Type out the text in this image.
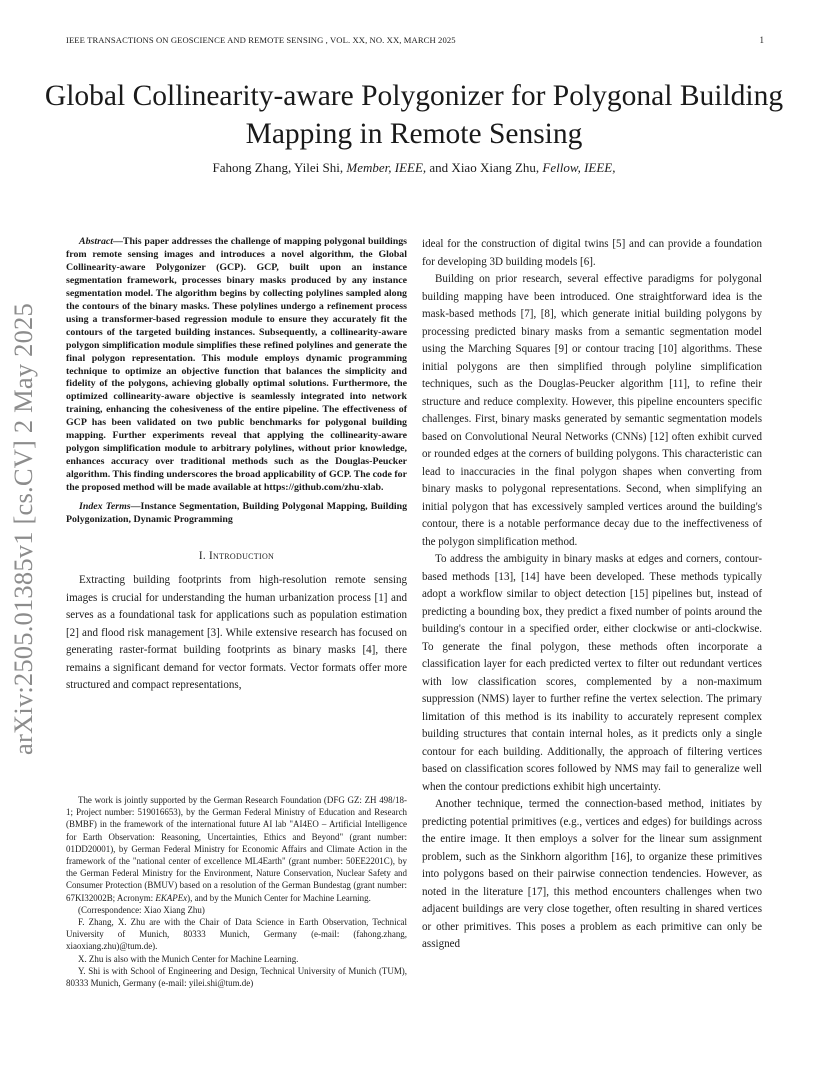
IEEE TRANSACTIONS ON GEOSCIENCE AND REMOTE SENSING , VOL. XX, NO. XX, MARCH 2025	1
arXiv:2505.01385v1 [cs.CV] 2 May 2025
Global Collinearity-aware Polygonizer for Polygonal Building Mapping in Remote Sensing
Fahong Zhang, Yilei Shi, Member, IEEE, and Xiao Xiang Zhu, Fellow, IEEE,

Abstract—This paper addresses the challenge of mapping polygonal buildings from remote sensing images and introduces a novel algorithm, the Global Collinearity-aware Polygonizer (GCP). GCP, built upon an instance segmentation framework, processes binary masks produced by any instance segmentation model. The algorithm begins by collecting polylines sampled along the contours of the binary masks. These polylines undergo a refinement process using a transformer-based regression module to ensure they accurately fit the contours of the targeted building instances. Subsequently, a collinearity-aware polygon simplification module simplifies these refined polylines and generate the final polygon representation. This module employs dynamic programming technique to optimize an objective function that balances the simplicity and fidelity of the polygons, achieving globally optimal solutions. Furthermore, the optimized collinearity-aware objective is seamlessly integrated into network training, enhancing the cohesiveness of the entire pipeline. The effectiveness of GCP has been validated on two public benchmarks for polygonal building mapping. Further experiments reveal that applying the collinearity-aware polygon simplification module to arbitrary polylines, without prior knowledge, enhances accuracy over traditional methods such as the Douglas-Peucker algorithm. This finding underscores the broad applicability of GCP. The code for the proposed method will be made available at https://github.com/zhu-xlab.

Index Terms—Instance Segmentation, Building Polygonal Mapping, Building Polygonization, Dynamic Programming

I. Introduction

Extracting building footprints from high-resolution remote sensing images is crucial for understanding the human urbanization process [1] and serves as a foundational task for applications such as population estimation [2] and flood risk management [3]. While extensive research has focused on generating raster-format building footprints as binary masks [4], there remains a significant demand for vector formats. Vector formats offer more structured and compact representations,

The work is jointly supported by the German Research Foundation (DFG GZ: ZH 498/18-1; Project number: 519016653), by the German Federal Ministry of Education and Research (BMBF) in the framework of the international future AI lab "AI4EO – Artificial Intelligence for Earth Observation: Reasoning, Uncertainties, Ethics and Beyond" (grant number: 01DD20001), by German Federal Ministry for Economic Affairs and Climate Action in the framework of the "national center of excellence ML4Earth" (grant number: 50EE2201C), by the German Federal Ministry for the Environment, Nature Conservation, Nuclear Safety and Consumer Protection (BMUV) based on a resolution of the German Bundestag (grant number: 67KI32002B; Acronym: EKAPEx), and by the Munich Center for Machine Learning.

(Correspondence: Xiao Xiang Zhu)

F. Zhang, X. Zhu are with the Chair of Data Science in Earth Observation, Technical University of Munich, 80333 Munich, Germany (e-mail: (fahong.zhang, xiaoxiang.zhu)@tum.de).

X. Zhu is also with the Munich Center for Machine Learning.

Y. Shi is with School of Engineering and Design, Technical University of Munich (TUM), 80333 Munich, Germany (e-mail: yilei.shi@tum.de)

ideal for the construction of digital twins [5] and can provide a foundation for developing 3D building models [6].

Building on prior research, several effective paradigms for polygonal building mapping have been introduced. One straightforward idea is the mask-based methods [7], [8], which generate initial building polygons by processing predicted binary masks from a semantic segmentation model using the Marching Squares [9] or contour tracing [10] algorithms. These initial polygons are then simplified through polyline simplification techniques, such as the Douglas-Peucker algorithm [11], to refine their structure and reduce complexity. However, this pipeline encounters specific challenges. First, binary masks generated by semantic segmentation models based on Convolutional Neural Networks (CNNs) [12] often exhibit curved or rounded edges at the corners of building polygons. This characteristic can lead to inaccuracies in the final polygon shapes when converting from binary masks to polygonal representations. Second, when simplifying an initial polygon that has excessively sampled vertices around the building's contour, there is a notable performance decay due to the ineffectiveness of the polygon simplification method.

To address the ambiguity in binary masks at edges and corners, contour-based methods [13], [14] have been developed. These methods typically adopt a workflow similar to object detection [15] pipelines but, instead of predicting a bounding box, they predict a fixed number of points around the building's contour in a specified order, either clockwise or anti-clockwise. To generate the final polygon, these methods often incorporate a classification layer for each predicted vertex to filter out redundant vertices with low classification scores, complemented by a non-maximum suppression (NMS) layer to further refine the vertex selection. The primary limitation of this method is its inability to accurately represent complex building structures that contain internal holes, as it predicts only a single contour for each building. Additionally, the approach of filtering vertices based on classification scores followed by NMS may fail to generalize well when the contour predictions exhibit high uncertainty.

Another technique, termed the connection-based method, initiates by predicting potential primitives (e.g., vertices and edges) for buildings across the entire image. It then employs a solver for the linear sum assignment problem, such as the Sinkhorn algorithm [16], to organize these primitives into polygons based on their pairwise connection tendencies. However, as noted in the literature [17], this method encounters challenges when two adjacent buildings are very close together, often resulting in shared vertices or other primitives. This poses a problem as each primitive can only be assigned
